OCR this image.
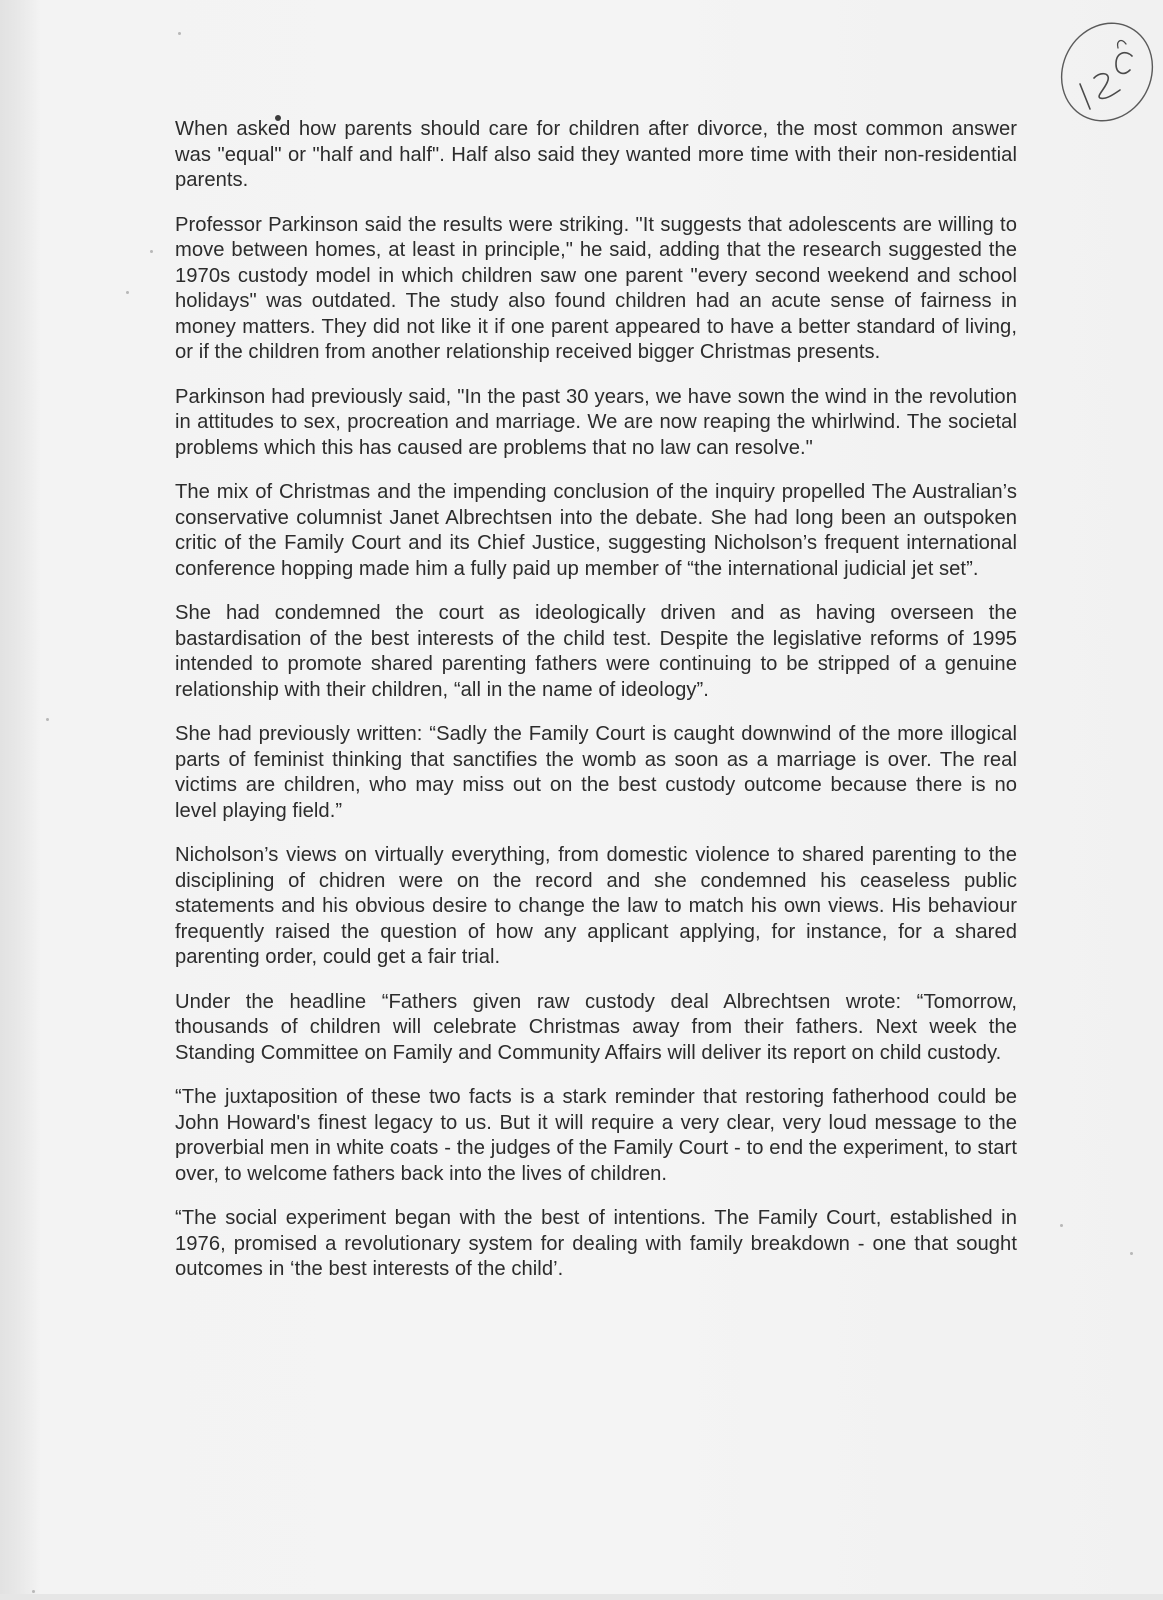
When asked how parents should care for children after divorce, the most common answer was "equal" or "half and half". Half also said they wanted more time with their non-residential parents.

Professor Parkinson said the results were striking. "It suggests that adolescents are willing to move between homes, at least in principle," he said, adding that the research suggested the 1970s custody model in which children saw one parent "every second weekend and school holidays" was outdated. The study also found children had an acute sense of fairness in money matters. They did not like it if one parent appeared to have a better standard of living, or if the children from another relationship received bigger Christmas presents.

Parkinson had previously said, "In the past 30 years, we have sown the wind in the revolution in attitudes to sex, procreation and marriage. We are now reaping the whirlwind. The societal problems which this has caused are problems that no law can resolve."

The mix of Christmas and the impending conclusion of the inquiry propelled The Australian’s conservative columnist Janet Albrechtsen into the debate. She had long been an outspoken critic of the Family Court and its Chief Justice, suggesting Nicholson’s frequent international conference hopping made him a fully paid up member of “the international judicial jet set”.

She had condemned the court as ideologically driven and as having overseen the bastardisation of the best interests of the child test. Despite the legislative reforms of 1995 intended to promote shared parenting fathers were continuing to be stripped of a genuine relationship with their children, “all in the name of ideology”.

She had previously written: “Sadly the Family Court is caught downwind of the more illogical parts of feminist thinking that sanctifies the womb as soon as a marriage is over. The real victims are children, who may miss out on the best custody outcome because there is no level playing field.”

Nicholson’s views on virtually everything, from domestic violence to shared parenting to the disciplining of chidren were on the record and she condemned his ceaseless public statements and his obvious desire to change the law to match his own views. His behaviour frequently raised the question of how any applicant applying, for instance, for a shared parenting order, could get a fair trial.

Under the headline “Fathers given raw custody deal Albrechtsen wrote: “Tomorrow, thousands of children will celebrate Christmas away from their fathers. Next week the Standing Committee on Family and Community Affairs will deliver its report on child custody.

“The juxtaposition of these two facts is a stark reminder that restoring fatherhood could be John Howard's finest legacy to us. But it will require a very clear, very loud message to the proverbial men in white coats - the judges of the Family Court - to end the experiment, to start over, to welcome fathers back into the lives of children.

“The social experiment began with the best of intentions. The Family Court, established in 1976, promised a revolutionary system for dealing with family breakdown - one that sought outcomes in ‘the best interests of the child’.
